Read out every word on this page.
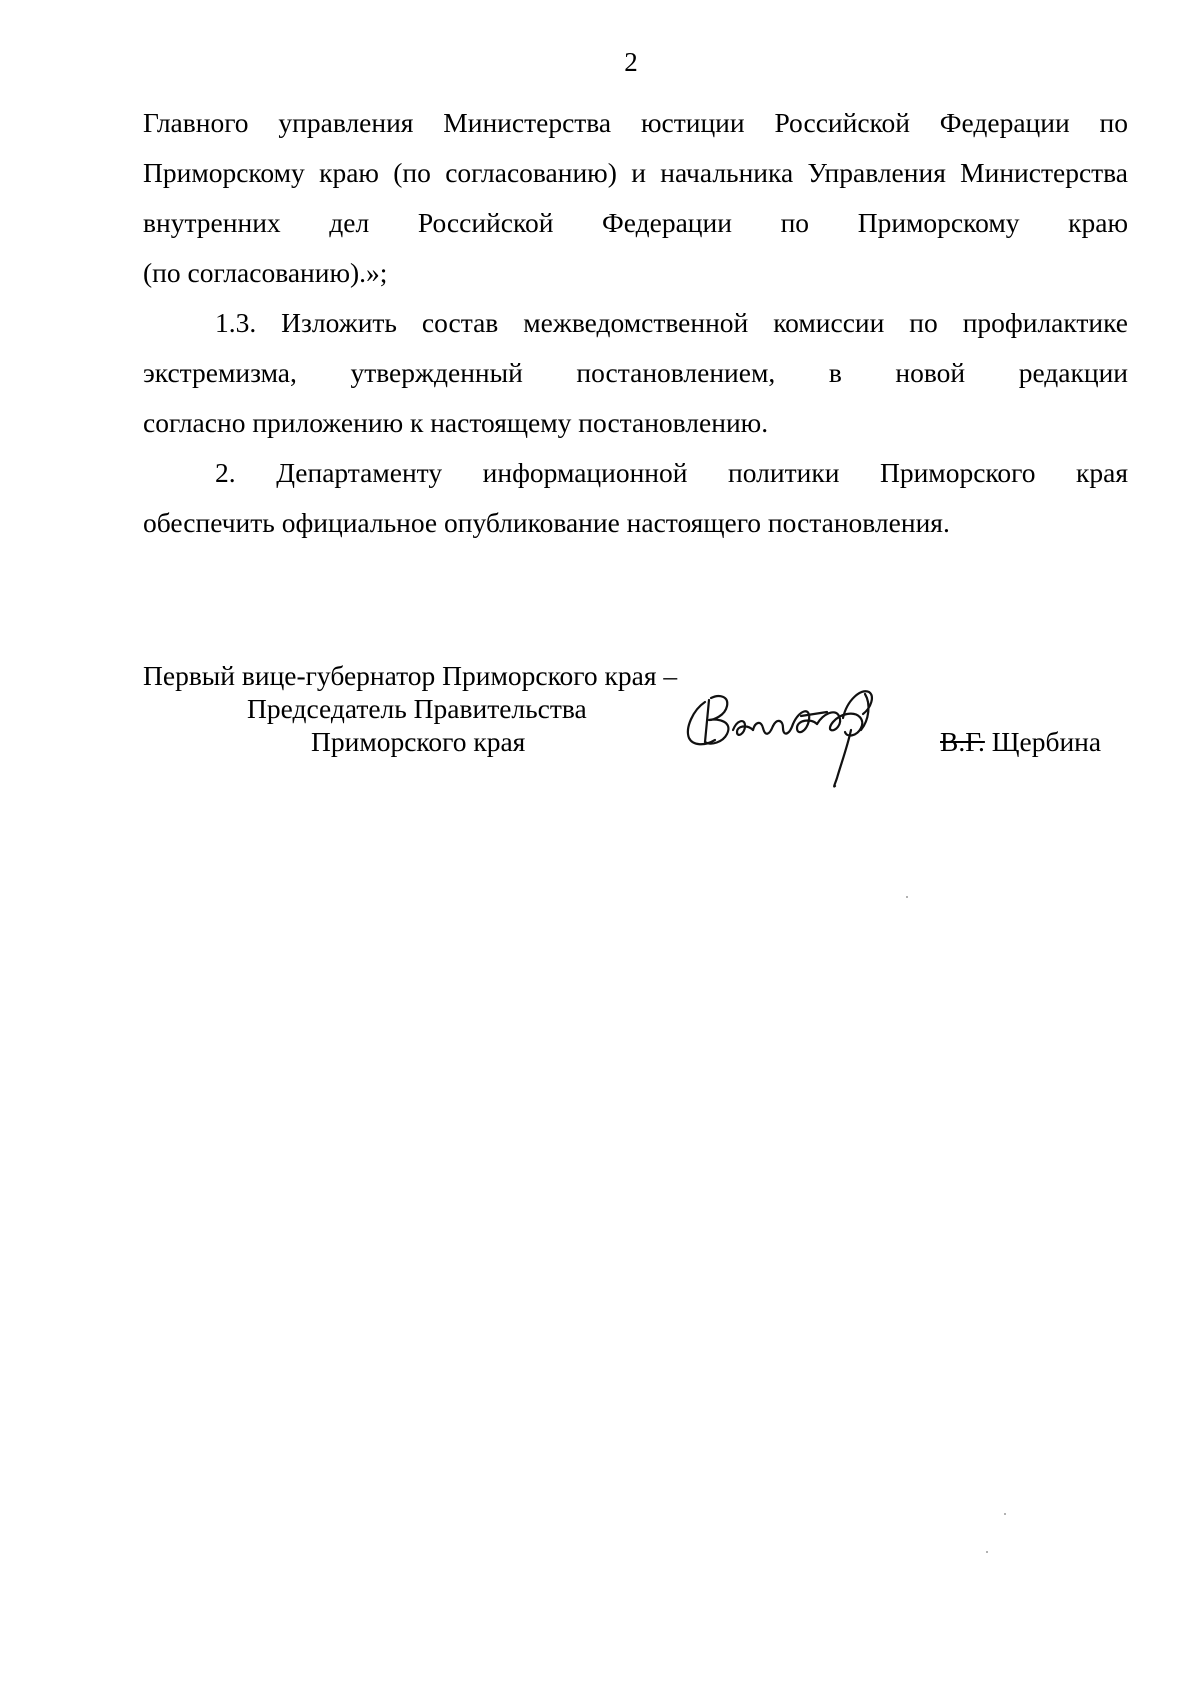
2
Главного управления Министерства юстиции Российской Федерации по
Приморскому краю (по согласованию) и начальника Управления Министерства
внутренних дел Российской Федерации по Приморскому краю
(по согласованию).»;
1.3. Изложить состав межведомственной комиссии по профилактике
экстремизма, утвержденный постановлением, в новой редакции
согласно приложению к настоящему постановлению.
2. Департаменту информационной политики Приморского края
обеспечить официальное опубликование настоящего постановления.
Первый вице-губернатор Приморского края –
Председатель Правительства
Приморского края	В.Г. Щербина
